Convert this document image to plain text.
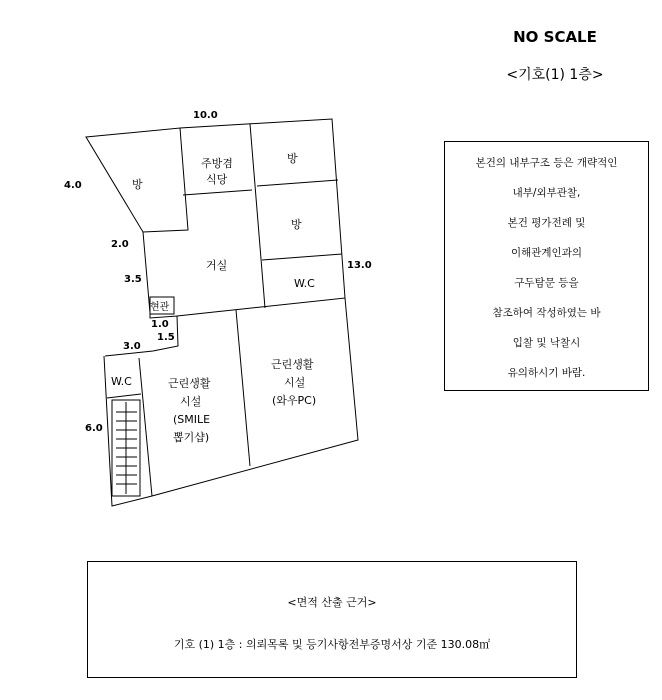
NO SCALE
<기호(1) 1층>
10.0
4.0
2.0
3.5
1.0
1.5
3.0
6.0
13.0
방
주방겸
식당
방
방
거실
W.C
현관
근린생활
시설
(와우PC)
W.C	근린생활
시설
(SMILE
뽑기샵)
본건의 내부구조 등은 개략적인
내부/외부관찰,
본건 평가전례 및
이해관계인과의
구두탐문 등을
참조하여 작성하였는 바
입찰 및 낙찰시
유의하시기 바람.
<면적 산출 근거>
기호 (1) 1층 : 의뢰목록 및 등기사항전부증명서상 기준 130.08㎡
